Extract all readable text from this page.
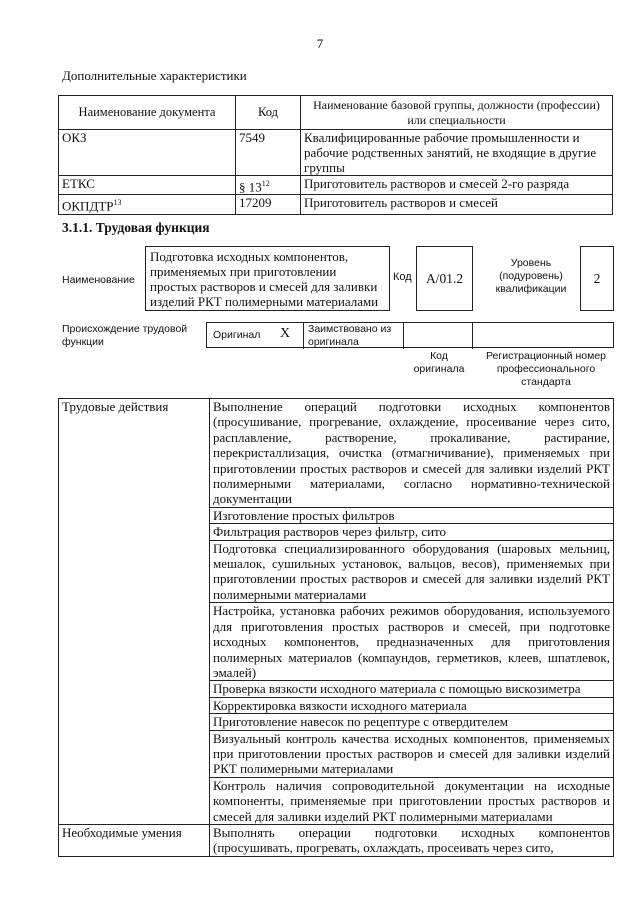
7
Дополнительные характеристики
Наименование документа	Код	Наименование базовой группы, должности (профессии) или специальности
ОКЗ	7549	Квалифицированные рабочие промышленности и рабочие родственных занятий, не входящие в другие группы
ЕТКС	§ $13^{12}$	Приготовитель растворов и смесей 2-го разряда
ОКПДТР$^{13}$	17209	Приготовитель растворов и смесей
3.1.1. Трудовая функция
Наименование
Подготовка исходных компонентов, применяемых при приготовлении простых растворов и смесей для заливки изделий РКТ полимерными материалами
Код	А/01.2
Уровень (подуровень) квалификации
2
Происхождение трудовой функции
Оригинал X Заимствовано из оригинала
Код оригинала
Регистрационный номер профессионального стандарта
Трудовые действия	Выполнение операций подготовки исходных компонентов (просушивание, прогревание, охлаждение, просеивание через сито, расплавление, растворение, прокаливание, растирание, перекристаллизация, очистка (отмагничивание), применяемых при приготовлении простых растворов и смесей для заливки изделий РКТ полимерными материалами, согласно нормативно-технической документации
	Изготовление простых фильтров
	Фильтрация растворов через фильтр, сито
	Подготовка специализированного оборудования (шаровых мельниц, мешалок, сушильных установок, вальцов, весов), применяемых при приготовлении простых растворов и смесей для заливки изделий РКТ полимерными материалами
	Настройка, установка рабочих режимов оборудования, используемого для приготовления простых растворов и смесей, при подготовке исходных компонентов, предназначенных для приготовления полимерных материалов (компаундов, герметиков, клеев, шпатлевок, эмалей)
	Проверка вязкости исходного материала с помощью вискозиметра
	Корректировка вязкости исходного материала
	Приготовление навесок по рецептуре с отвердителем
	Визуальный контроль качества исходных компонентов, применяемых при приготовлении простых растворов и смесей для заливки изделий РКТ полимерными материалами
	Контроль наличия сопроводительной документации на исходные компоненты, применяемые при приготовлении простых растворов и смесей для заливки изделий РКТ полимерными материалами
Необходимые умения	Выполнять операции подготовки исходных компонентов (просушивать, прогревать, охлаждать, просеивать через сито,
